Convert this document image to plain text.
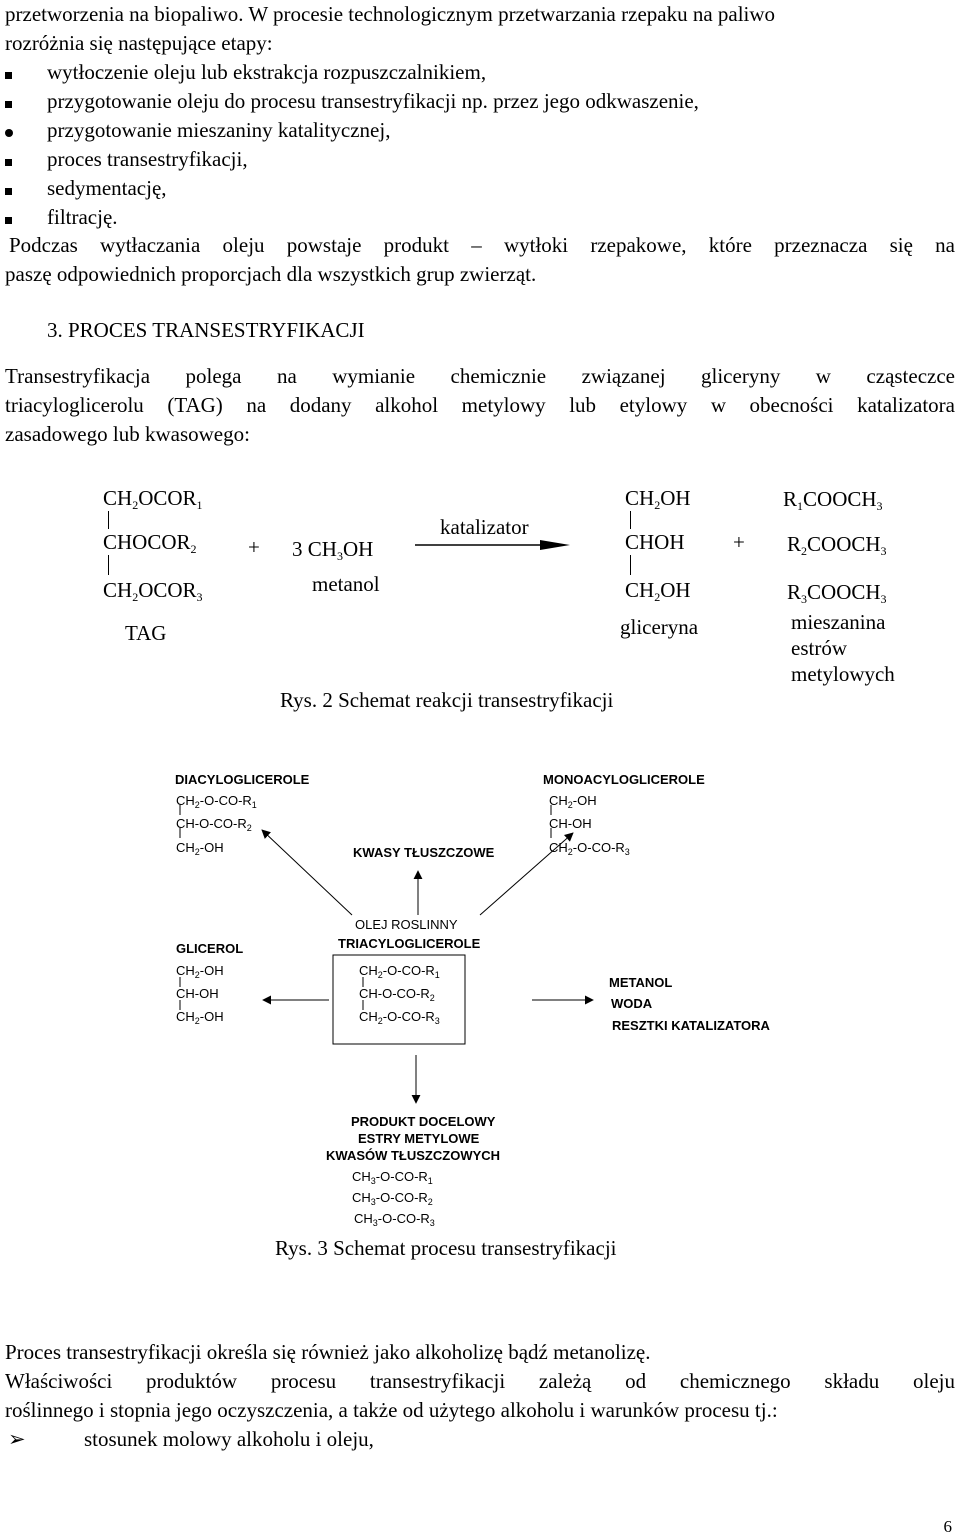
przetworzenia na biopaliwo. W procesie technologicznym przetwarzania rzepaku na paliwo

rozróżnia się następujące etapy:

wytłoczenie oleju lub ekstrakcja rozpuszczalnikiem,
przygotowanie oleju do procesu transestryfikacji np. przez jego odkwaszenie,
przygotowanie mieszaniny katalitycznej,
proces transestryfikacji,
sedymentację,
filtrację.
Podczas wytłaczania oleju powstaje produkt – wytłoki rzepakowe, które przeznacza się na
paszę odpowiednich proporcjach dla wszystkich grup zwierząt.
3. PROCES TRANSESTRYFIKACJI
Transestryfikacja polega na wymianie chemicznie związanej gliceryny w cząsteczce
triacyloglicerolu (TAG) na dodany alkohol metylowy lub etylowy w obecności katalizatora
zasadowego lub kwasowego:
$CH_2OCOR_1$
$CHOCOR_2$
$CH_2OCOR_3$
TAG
+ 3 $CH_3OH$
metanol
katalizator
$CH_2OH$
CHOH
$CH_2OH$
gliceryna
+
$R_1COOCH_3$
$R_2COOCH_3$
$R_3COOCH_3$
mieszanina
estrów
metylowych
Rys. 2 Schemat reakcji transestryfikacji
DIACYLOGLICEROLE
$CH_2-O-CO-R_1$
$CH-O-CO-R_2$
$CH_2-OH$	KWASY TŁUSZCZOWE
MONOACYLOGLICEROLE
$CH_2-OH$
CH-OH
$CH_2-O-CO-R_3$
GLICEROL
$CH_2-OH$
CH-OH
$CH_2-OH$
OLEJ ROSLINNY
TRIACYLOGLICEROLE
$CH_2-O-CO-R_1$
$CH-O-CO-R_2$
$CH_2-O-CO-R_3$
METANOL
WODA
RESZTKI KATALIZATORA
PRODUKT DOCELOWY
ESTRY METYLOWE
KWASÓW TŁUSZCZOWYCH
$CH_3-O-CO-R_1$
$CH_3-O-CO-R_2$
$CH_3-O-CO-R_3$
Rys. 3 Schemat procesu transestryfikacji

Proces transestryfikacji określa się również jako alkoholizę bądź metanolizę.

Właściwości produktów procesu transestryfikacji zależą od chemicznego składu oleju
roślinnego i stopnia jego oczyszczenia, a także od użytego alkoholu i warunków procesu tj.:
➢	stosunek molowy alkoholu i oleju,
6
